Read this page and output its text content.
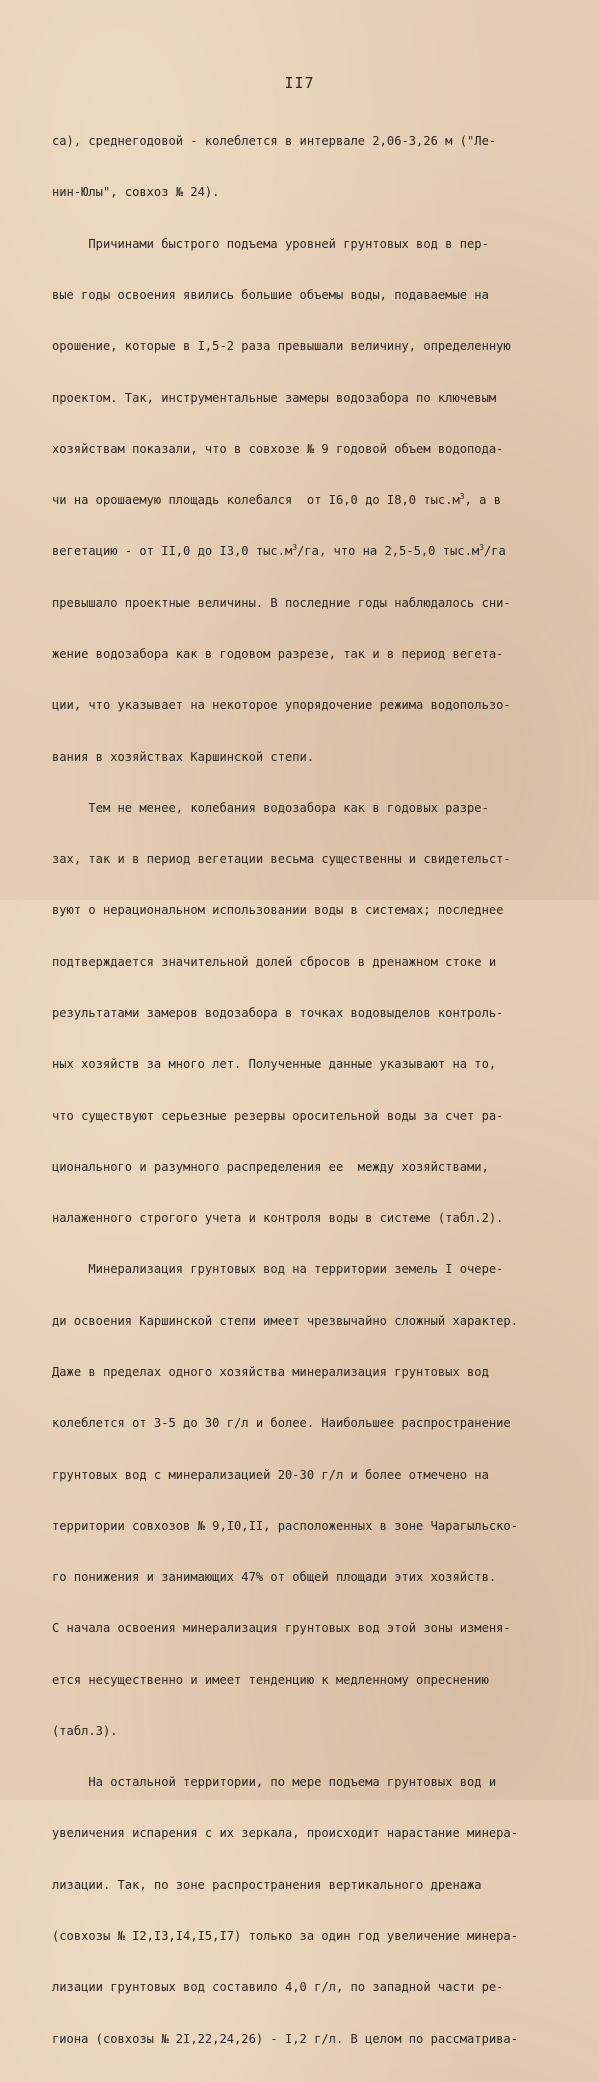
II7

са), среднегодовой - колеблется в интервале 2,06-3,26 м ("Ле-

нин-Юлы", совхоз № 24).

Причинами быстрого подъема уровней грунтовых вод в пер-

вые годы освоения явились большие объемы воды, подаваемые на

орошение, которые в I,5-2 раза превышали величину, определенную

проектом. Так, инструментальные замеры водозабора по ключевым

хозяйствам показали, что в совхозе № 9 годовой объем водопода-

чи на орошаемую площадь колебался  от I6,0 до I8,0 $тыс.м^3$, а в

вегетацию - от II,0 до I3,0 $тыс.м^3/га$, что на 2,5-5,0 $тыс.м^3/га$

превышало проектные величины. В последние годы наблюдалось сни-

жение водозабора как в годовом разрезе, так и в период вегета-

ции, что указывает на некоторое упорядочение режима водопользо-

вания в хозяйствах Каршинской степи.

Тем не менее, колебания водозабора как в годовых разре-

зах, так и в период вегетации весьма существенны и свидетельст-

вуют о нерациональном использовании воды в системах; последнее

подтверждается значительной долей сбросов в дренажном стоке и

результатами замеров водозабора в точках водовыделов контроль-

ных хозяйств за много лет. Полученные данные указывают на то,

что существуют серьезные резервы оросительной воды за счет ра-

ционального и разумного распределения ее  между хозяйствами,

налаженного строгого учета и контроля воды в системе (табл.2).

Минерализация грунтовых вод на территории земель I очере-

ди освоения Каршинской степи имеет чрезвычайно сложный характер.

Даже в пределах одного хозяйства минерализация грунтовых вод

колеблется от 3-5 до 30 г/л и более. Наибольшее распространение

грунтовых вод с минерализацией 20-30 г/л и более отмечено на

территории совхозов № 9,I0,II, расположенных в зоне Чарагыльско-

го понижения и занимающих 47% от общей площади этих хозяйств.

С начала освоения минерализация грунтовых вод этой зоны изменя-

ется несущественно и имеет тенденцию к медленному опреснению

(табл.3).

На остальной территории, по мере подъема грунтовых вод и

увеличения испарения с их зеркала, происходит нарастание минера-

лизации. Так, по зоне распространения вертикального дренажа

(совхозы № I2,I3,I4,I5,I7) только за один год увеличение минера-

лизации грунтовых вод составило 4,0 г/л, по западной части ре-

гиона (совхозы № 2I,22,24,26) - I,2 г/л. В целом по рассматрива-
